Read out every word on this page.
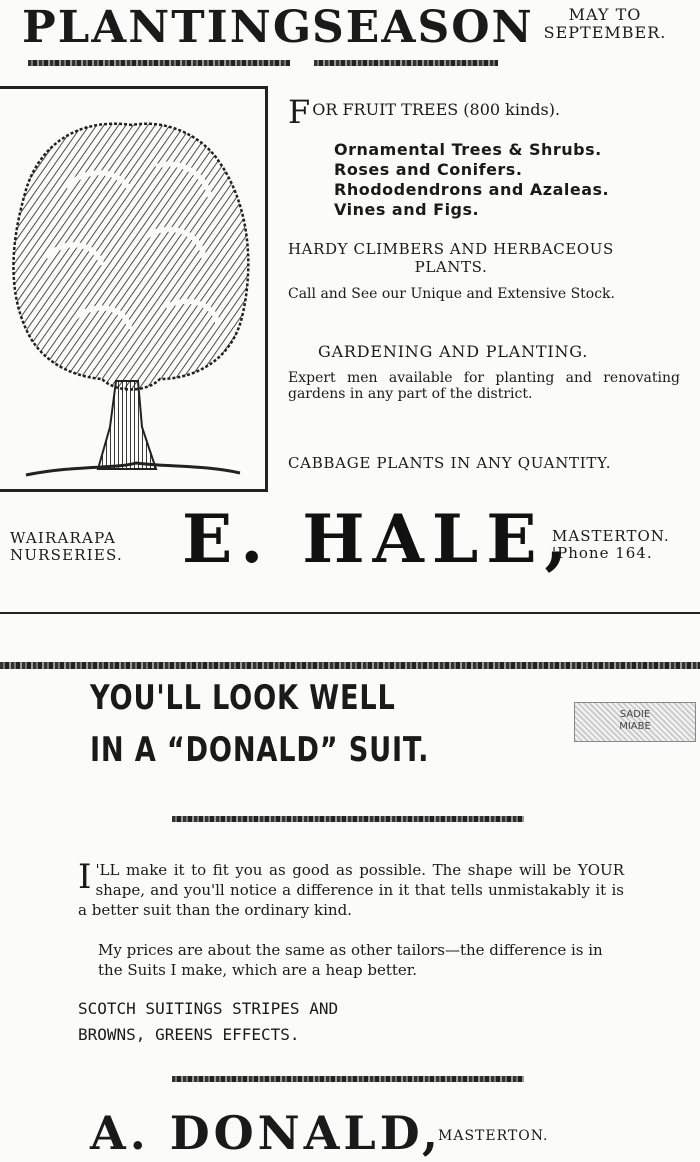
PLANTING
SEASON	MAY TO
SEPTEMBER.
FOR FRUIT TREES (800 kinds).
Ornamental Trees & Shrubs.
Roses and Conifers.
Rhododendrons and Azaleas.
Vines and Figs.
HARDY CLIMBERS AND HERBACEOUS
PLANTS.
Call and See our Unique and Extensive Stock.
GARDENING AND PLANTING.
Expert men available for planting and renovating gardens in any part of the district.
CABBAGE PLANTS IN ANY QUANTITY.
WAIRARAPA
NURSERIES. E. HALE,
MASTERTON.
'Phone 164.
YOU'LL LOOK WELL
IN A “DONALD” SUIT.
SADIE
MIABE
I 'LL make it to fit you as good as possible. The shape will be YOUR shape, and you'll notice a difference in it that tells unmistakably it is a better suit than the ordinary kind.
My prices are about the same as other tailors—the difference is in the Suits I make, which are a heap better.
SCOTCH SUITINGS STRIPES AND
BROWNS, GREENS EFFECTS.
A. DONALD,
MASTERTON.
